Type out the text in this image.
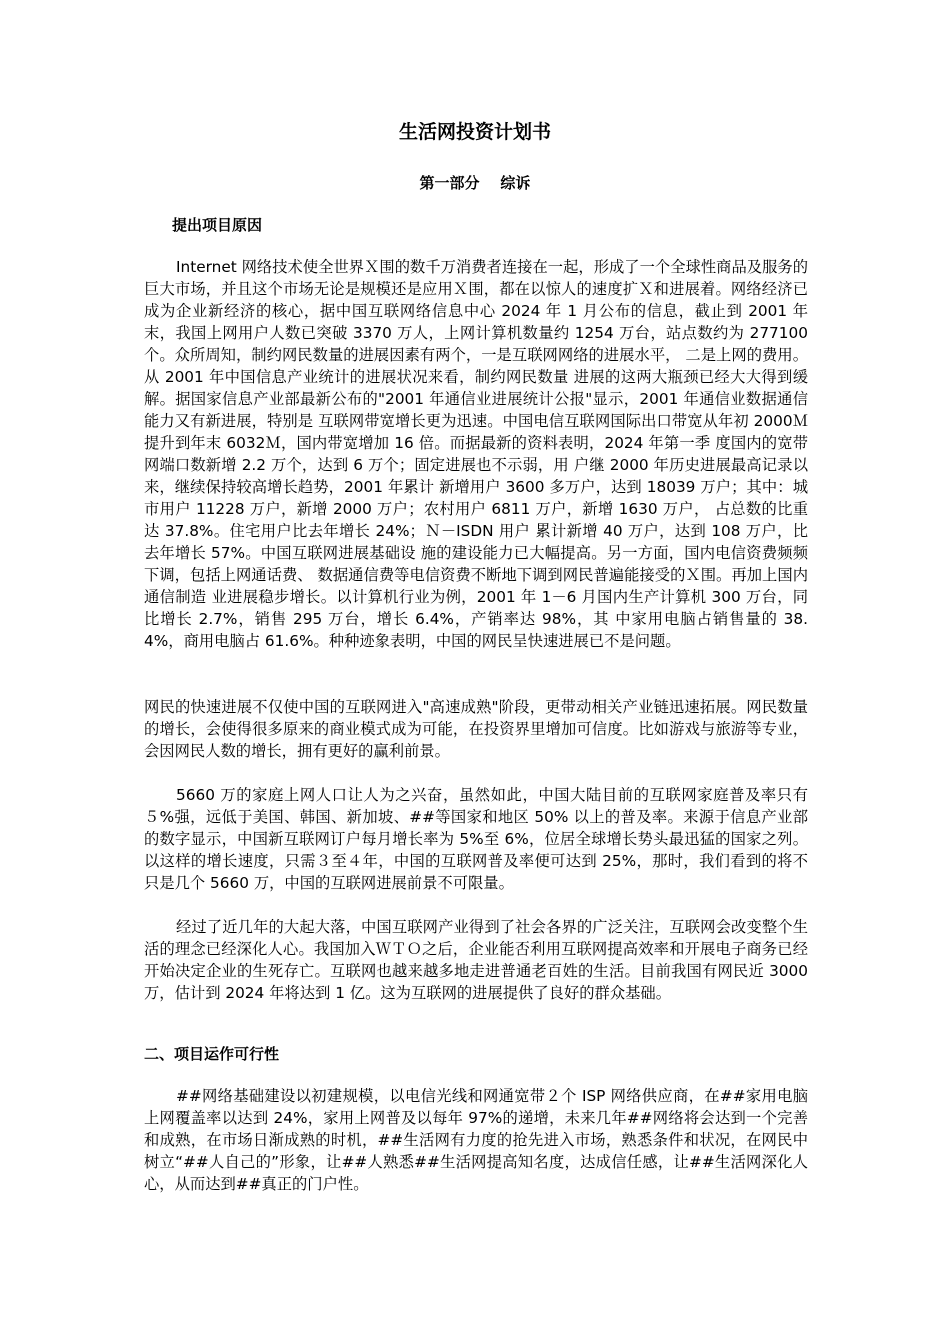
生活网投资计划书
第一部分    综诉
提出项目原因
Internet 网络技术使全世界Ｘ围的数千万消费者连接在一起，形成了一个全球性商品及服务的巨大市场，并且这个市场无论是规模还是应用Ｘ围，都在以惊人的速度扩Ｘ和进展着。网络经济已成为企业新经济的核心，据中国互联网络信息中心 2024 年 1 月公布的信息，截止到 2001 年末，我国上网用户人数已突破 3370 万人，上网计算机数量约 1254 万台，站点数约为 277100 个。众所周知，制约网民数量的进展因素有两个，一是互联网网络的进展水平， 二是上网的费用。从 2001 年中国信息产业统计的进展状况来看，制约网民数量 进展的这两大瓶颈已经大大得到缓解。据国家信息产业部最新公布的"2001 年通信业进展统计公报"显示，2001 年通信业数据通信能力又有新进展，特别是 互联网带宽增长更为迅速。中国电信互联网国际出口带宽从年初 2000Ｍ提升到年末 6032Ｍ，国内带宽增加 16 倍。而据最新的资料表明，2024 年第一季 度国内的宽带网端口数新增 2.2 万个，达到 6 万个；固定进展也不示弱，用 户继 2000 年历史进展最高记录以来，继续保持较高增长趋势，2001 年累计 新增用户 3600 多万户，达到 18039 万户；其中：城市用户 11228 万户，新增 2000 万户；农村用户 6811 万户，新增 1630 万户， 占总数的比重达 37.8%。住宅用户比去年增长 24%；Ｎ－ISDN 用户 累计新增 40 万户，达到 108 万户，比去年增长 57%。中国互联网进展基础设 施的建设能力已大幅提高。另一方面，国内电信资费频频下调，包括上网通话费、 数据通信费等电信资费不断地下调到网民普遍能接受的Ｘ围。再加上国内通信制造 业进展稳步增长。以计算机行业为例，2001 年 1－6 月国内生产计算机 300 万台，同比增长 2.7%，销售 295 万台，增长 6.4%，产销率达 98%，其 中家用电脑占销售量的 38.4%，商用电脑占 61.6%。种种迹象表明，中国的网民呈快速进展已不是问题。
网民的快速进展不仅使中国的互联网进入"高速成熟"阶段，更带动相关产业链迅速拓展。网民数量的增长，会使得很多原来的商业模式成为可能，在投资界里增加可信度。比如游戏与旅游等专业，会因网民人数的增长，拥有更好的赢利前景。
5660 万的家庭上网人口让人为之兴奋，虽然如此，中国大陆目前的互联网家庭普及率只有５%强，远低于美国、韩国、新加坡、##等国家和地区 50% 以上的普及率。来源于信息产业部的数字显示，中国新互联网订户每月增长率为 5%至 6%，位居全球增长势头最迅猛的国家之列。以这样的增长速度，只需３至４年，中国的互联网普及率便可达到 25%，那时，我们看到的将不只是几个 5660 万，中国的互联网进展前景不可限量。
经过了近几年的大起大落，中国互联网产业得到了社会各界的广泛关注，互联网会改变整个生活的理念已经深化人心。我国加入ＷＴＯ之后，企业能否利用互联网提高效率和开展电子商务已经开始决定企业的生死存亡。互联网也越来越多地走进普通老百姓的生活。目前我国有网民近 3000 万，估计到 2024 年将达到 1 亿。这为互联网的进展提供了良好的群众基础。
二、项目运作可行性
##网络基础建设以初建规模，以电信光线和网通宽带２个 ISP 网络供应商，在##家用电脑上网覆盖率以达到 24%，家用上网普及以每年 97%的递增，未来几年##网络将会达到一个完善和成熟，在市场日渐成熟的时机，##生活网有力度的抢先进入市场，熟悉条件和状况，在网民中树立“##人自己的”形象，让##人熟悉##生活网提高知名度，达成信任感，让##生活网深化人心，从而达到##真正的门户性。
